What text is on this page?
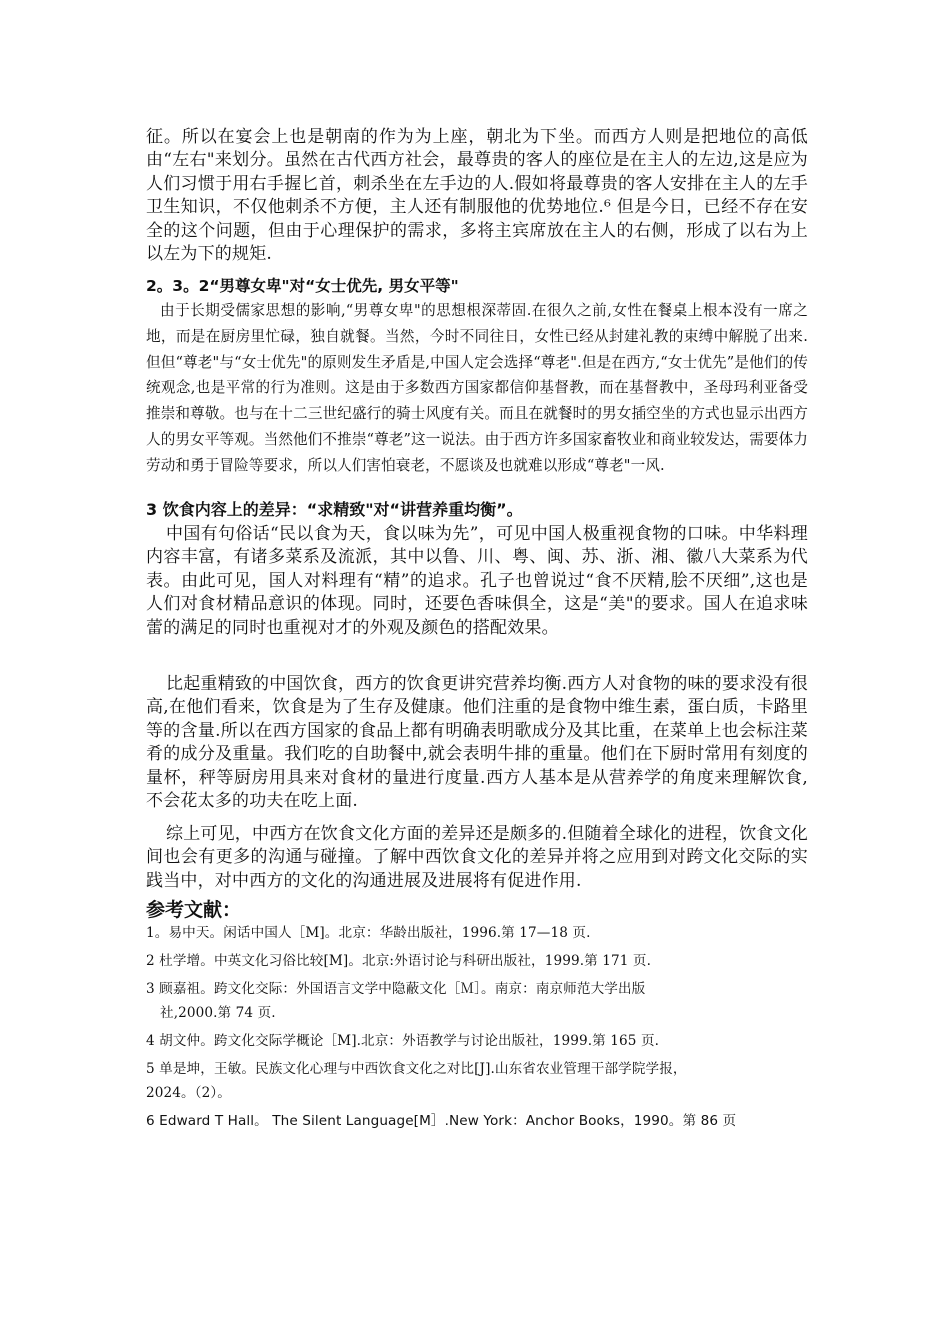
征。所以在宴会上也是朝南的作为为上座，朝北为下坐。而西方人则是把地位的高低由“左右"来划分。虽然在古代西方社会，最尊贵的客人的座位是在主人的左边,这是应为人们习惯于用右手握匕首，刺杀坐在左手边的人.假如将最尊贵的客人安排在主人的左手卫生知识，不仅他刺杀不方便，主人还有制服他的优势地位.⁶ 但是今日，已经不存在安全的这个问题，但由于心理保护的需求，多将主宾席放在主人的右侧，形成了以右为上以左为下的规矩.

2。3。2“男尊女卑"对“女士优先, 男女平等"

由于长期受儒家思想的影响,“男尊女卑"的思想根深蒂固.在很久之前,女性在餐桌上根本没有一席之地，而是在厨房里忙碌，独自就餐。当然，今时不同往日，女性已经从封建礼教的束缚中解脱了出来.但但“尊老"与“女士优先"的原则发生矛盾是,中国人定会选择“尊老".但是在西方,“女士优先”是他们的传统观念,也是平常的行为准则。这是由于多数西方国家都信仰基督教，而在基督教中，圣母玛利亚备受推崇和尊敬。也与在十二三世纪盛行的骑士风度有关。而且在就餐时的男女插空坐的方式也显示出西方人的男女平等观。当然他们不推崇“尊老”这一说法。由于西方许多国家畜牧业和商业较发达，需要体力劳动和勇于冒险等要求，所以人们害怕衰老，不愿谈及也就难以形成“尊老"一风.

3 饮食内容上的差异：“求精致"对“讲营养重均衡”。

中国有句俗话“民以食为天，食以味为先”，可见中国人极重视食物的口味。中华料理内容丰富，有诸多菜系及流派，其中以鲁、川、粤、闽、苏、浙、湘、徽八大菜系为代表。由此可见，国人对料理有“精”的追求。孔子也曾说过“食不厌精,脍不厌细”,这也是人们对食材精品意识的体现。同时，还要色香味俱全，这是“美"的要求。国人在追求味蕾的满足的同时也重视对才的外观及颜色的搭配效果。

比起重精致的中国饮食，西方的饮食更讲究营养均衡.西方人对食物的味的要求没有很高,在他们看来，饮食是为了生存及健康。他们注重的是食物中维生素，蛋白质，卡路里等的含量.所以在西方国家的食品上都有明确表明歌成分及其比重，在菜单上也会标注菜肴的成分及重量。我们吃的自助餐中,就会表明牛排的重量。他们在下厨时常用有刻度的量杯，秤等厨房用具来对食材的量进行度量.西方人基本是从营养学的角度来理解饮食,不会花太多的功夫在吃上面.

综上可见，中西方在饮食文化方面的差异还是颇多的.但随着全球化的进程，饮食文化间也会有更多的沟通与碰撞。了解中西饮食文化的差异并将之应用到对跨文化交际的实践当中，对中西方的文化的沟通进展及进展将有促进作用.

参考文献：
1。易中天。闲话中国人［M]。北京：华龄出版社，1996.第 17—18 页.
2 杜学增。中英文化习俗比较[M]。北京:外语讨论与科研出版社，1999.第 171 页.
3 顾嘉祖。跨文化交际：外国语言文学中隐蔽文化［Ｍ］。南京：南京师范大学出版
社,2000.第 74 页.
4 胡文仲。跨文化交际学概论［M].北京：外语教学与讨论出版社，1999.第 165 页.
5 单是坤，王敏。民族文化心理与中西饮食文化之对比[J].山东省农业管理干部学院学报，
2024。（2）。
6 Edward T Hall。 The Silent Language[M］.New York：Anchor Books，1990。第 86 页
